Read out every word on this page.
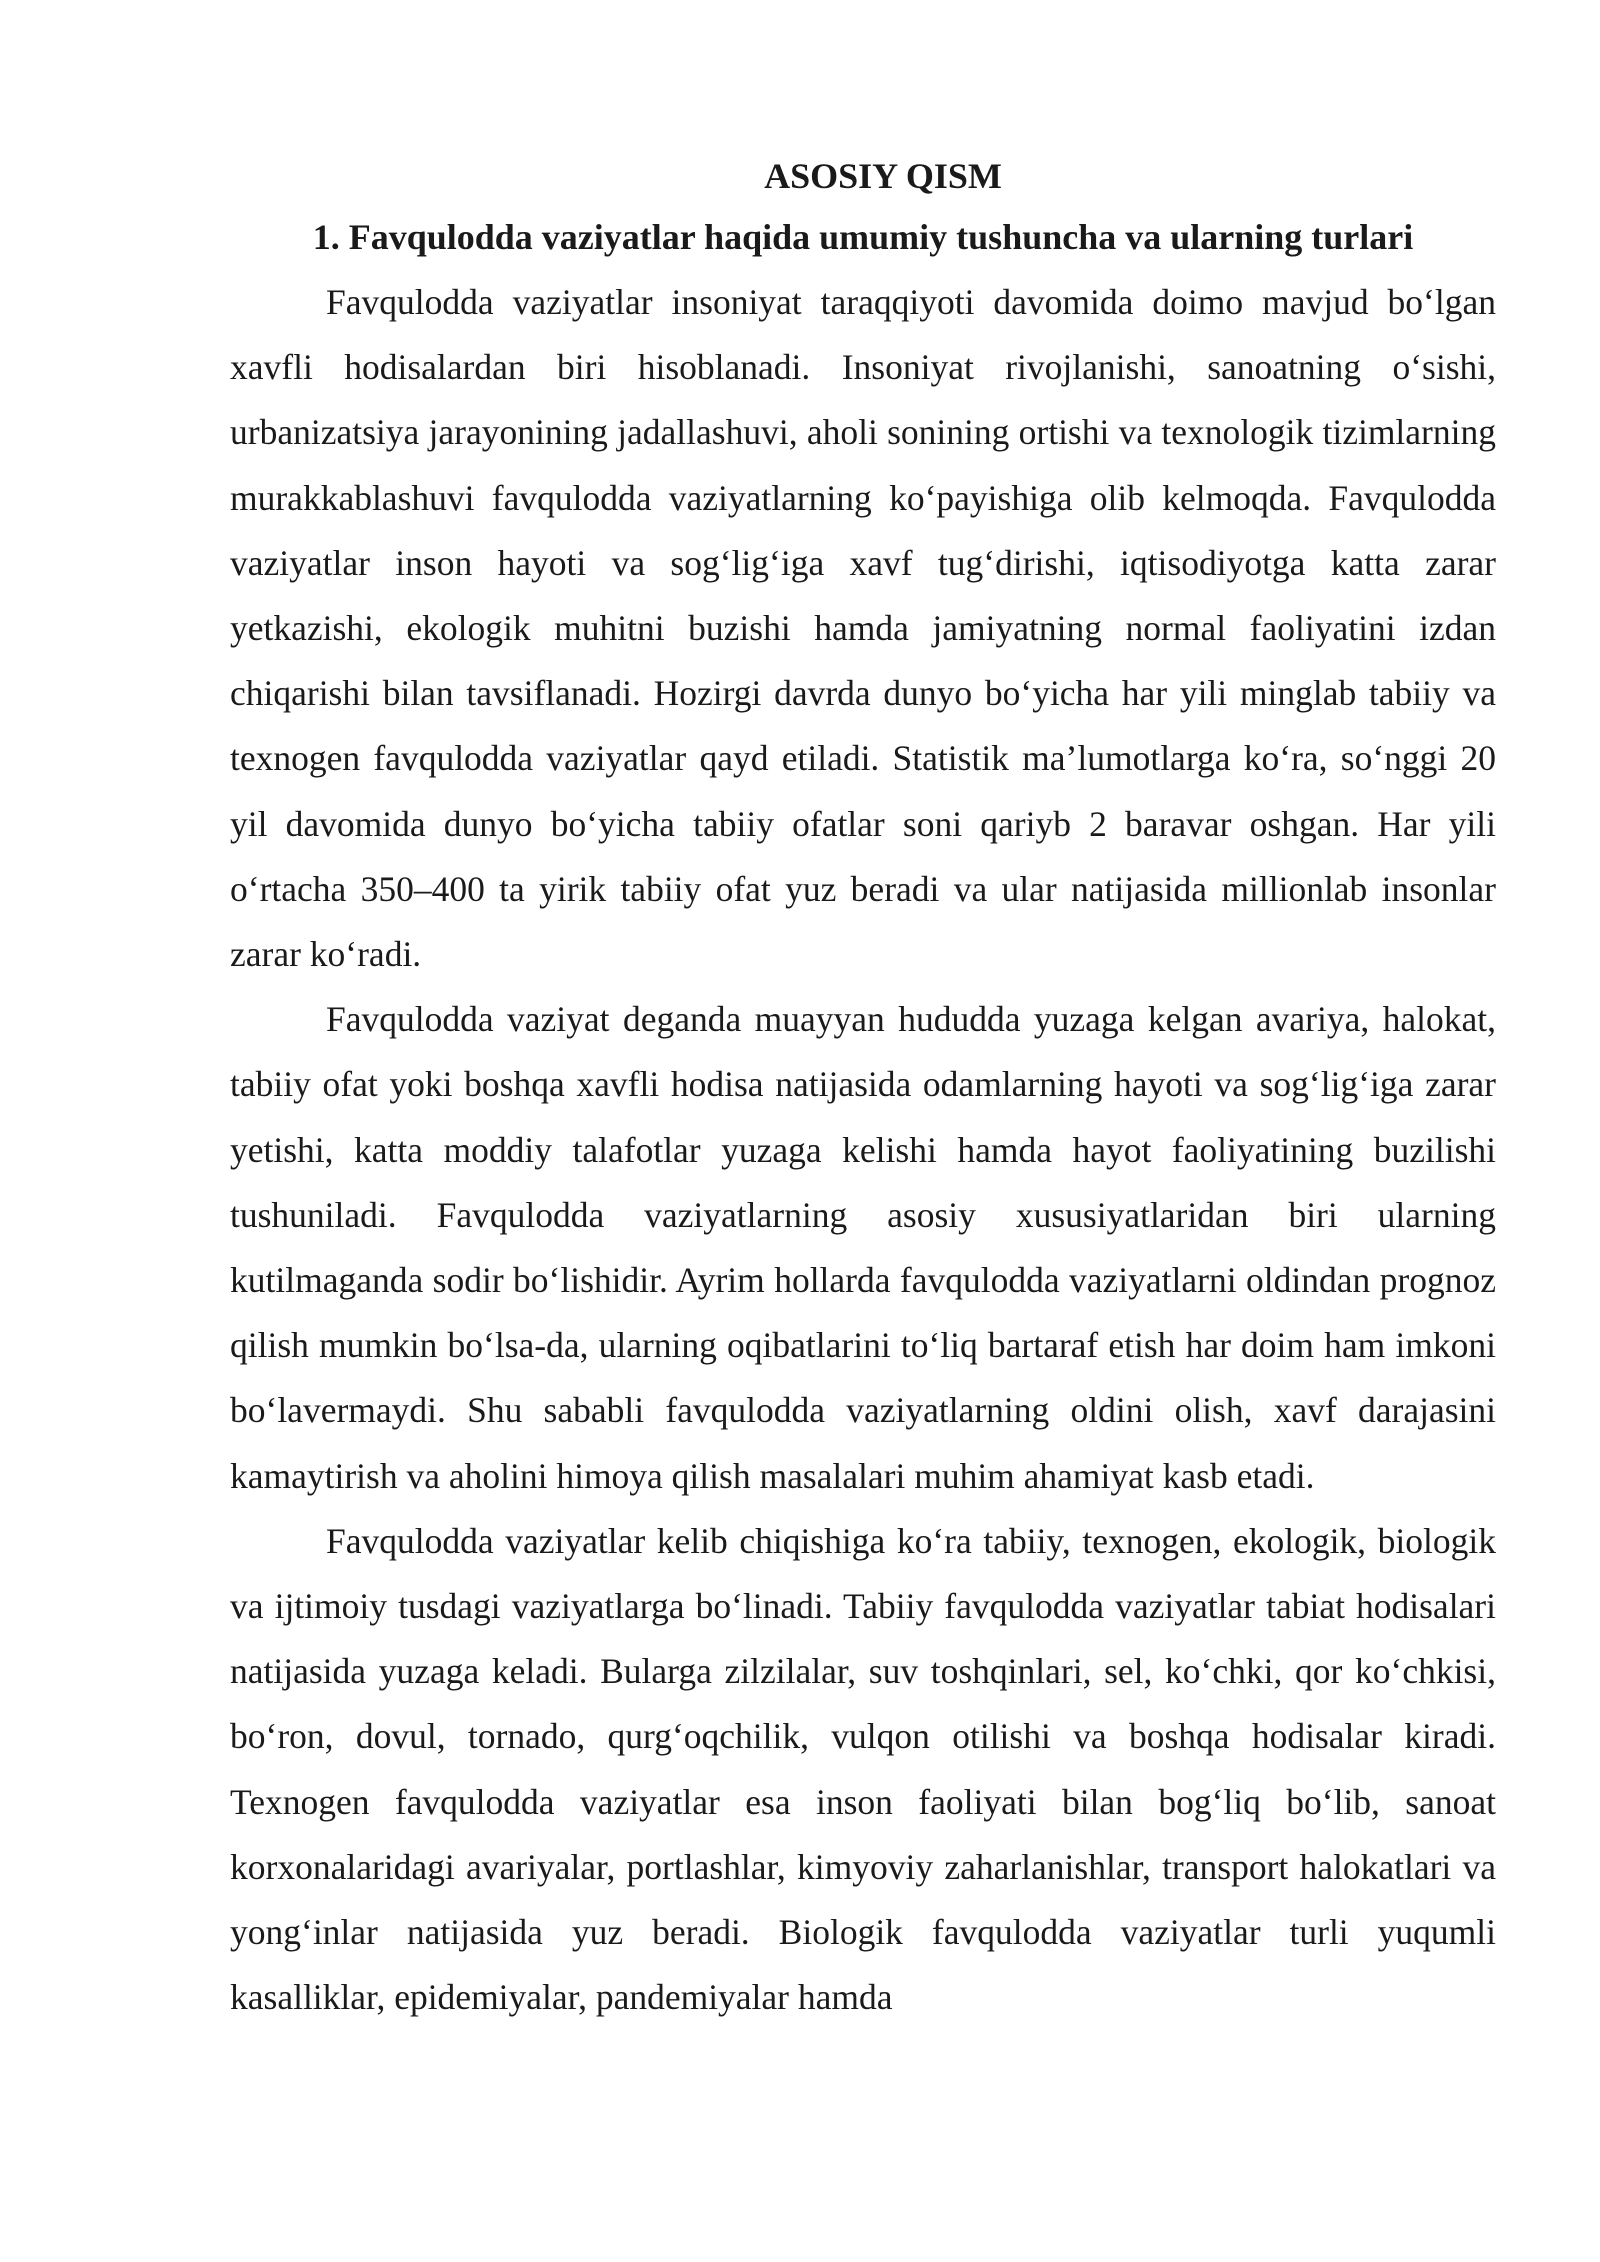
ASOSIY QISM
1. Favqulodda vaziyatlar haqida umumiy tushuncha va ularning turlari

Favqulodda vaziyatlar insoniyat taraqqiyoti davomida doimo mavjud bo‘lgan xavfli hodisalardan biri hisoblanadi. Insoniyat rivojlanishi, sanoatning o‘sishi, urbanizatsiya jarayonining jadallashuvi, aholi sonining ortishi va texnologik tizimlarning murakkablashuvi favqulodda vaziyatlarning ko‘payishiga olib kelmoqda. Favqulodda vaziyatlar inson hayoti va sog‘lig‘iga xavf tug‘dirishi, iqtisodiyotga katta zarar yetkazishi, ekologik muhitni buzishi hamda jamiyatning normal faoliyatini izdan chiqarishi bilan tavsiflanadi. Hozirgi davrda dunyo bo‘yicha har yili minglab tabiiy va texnogen favqulodda vaziyatlar qayd etiladi. Statistik ma’lumotlarga ko‘ra, so‘nggi 20 yil davomida dunyo bo‘yicha tabiiy ofatlar soni qariyb 2 baravar oshgan. Har yili o‘rtacha 350–400 ta yirik tabiiy ofat yuz beradi va ular natijasida millionlab insonlar zarar ko‘radi.

Favqulodda vaziyat deganda muayyan hududda yuzaga kelgan avariya, halokat, tabiiy ofat yoki boshqa xavfli hodisa natijasida odamlarning hayoti va sog‘lig‘iga zarar yetishi, katta moddiy talafotlar yuzaga kelishi hamda hayot faoliyatining buzilishi tushuniladi. Favqulodda vaziyatlarning asosiy xususiyatlaridan biri ularning kutilmaganda sodir bo‘lishidir. Ayrim hollarda favqulodda vaziyatlarni oldindan prognoz qilish mumkin bo‘lsa-da, ularning oqibatlarini to‘liq bartaraf etish har doim ham imkoni bo‘lavermaydi. Shu sababli favqulodda vaziyatlarning oldini olish, xavf darajasini kamaytirish va aholini himoya qilish masalalari muhim ahamiyat kasb etadi.

Favqulodda vaziyatlar kelib chiqishiga ko‘ra tabiiy, texnogen, ekologik, biologik va ijtimoiy tusdagi vaziyatlarga bo‘linadi. Tabiiy favqulodda vaziyatlar tabiat hodisalari natijasida yuzaga keladi. Bularga zilzilalar, suv toshqinlari, sel, ko‘chki, qor ko‘chkisi, bo‘ron, dovul, tornado, qurg‘oqchilik, vulqon otilishi va boshqa hodisalar kiradi. Texnogen favqulodda vaziyatlar esa inson faoliyati bilan bog‘liq bo‘lib, sanoat korxonalaridagi avariyalar, portlashlar, kimyoviy zaharlanishlar, transport halokatlari va yong‘inlar natijasida yuz beradi. Biologik favqulodda vaziyatlar turli yuqumli kasalliklar, epidemiyalar, pandemiyalar hamda
